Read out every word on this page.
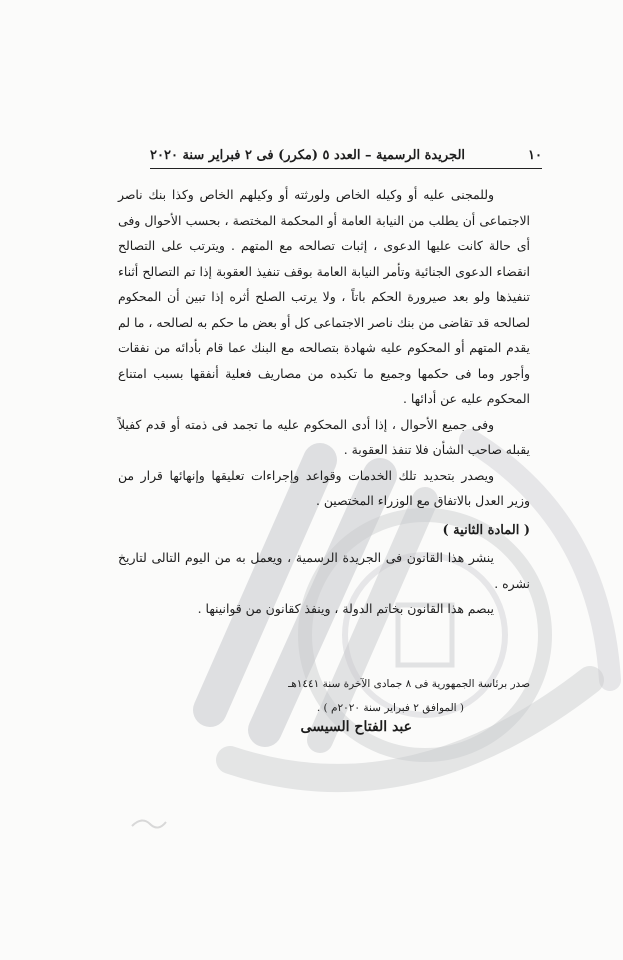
١٠
الجريدة الرسمية – العدد ٥ (مكرر) فى ٢ فبراير سنة ٢٠٢٠

وللمجنى عليه أو وكيله الخاص ولورثته أو وكيلهم الخاص وكذا بنك ناصر الاجتماعى أن يطلب من النيابة العامة أو المحكمة المختصة ، بحسب الأحوال وفى أى حالة كانت عليها الدعوى ، إثبات تصالحه مع المتهم . ويترتب على التصالح انقضاء الدعوى الجنائية وتأمر النيابة العامة بوقف تنفيذ العقوبة إذا تم التصالح أثناء تنفيذها ولو بعد صيرورة الحكم باتاً ، ولا يرتب الصلح أثره إذا تبين أن المحكوم لصالحه قد تقاضى من بنك ناصر الاجتماعى كل أو بعض ما حكم به لصالحه ، ما لم يقدم المتهم أو المحكوم عليه شهادة بتصالحه مع البنك عما قام بأدائه من نفقات وأجور وما فى حكمها وجميع ما تكبده من مصاريف فعلية أنفقها بسبب امتناع المحكوم عليه عن أدائها .

وفى جميع الأحوال ، إذا أدى المحكوم عليه ما تجمد فى ذمته أو قدم كفيلاً يقبله صاحب الشأن فلا تنفذ العقوبة .

ويصدر بتحديد تلك الخدمات وقواعد وإجراءات تعليقها وإنهائها قرار من وزير العدل بالاتفاق مع الوزراء المختصين .

( المادة الثانية )

ينشر هذا القانون فى الجريدة الرسمية ، ويعمل به من اليوم التالى لتاريخ نشره .

يبصم هذا القانون بخاتم الدولة ، وينفذ كقانون من قوانينها .

صدر برئاسة الجمهورية فى ٨ جمادى الآخرة سنة ١٤٤١هـ

( الموافق ٢ فبراير سنة ٢٠٢٠م ) .

عبد الفتاح السيسى
